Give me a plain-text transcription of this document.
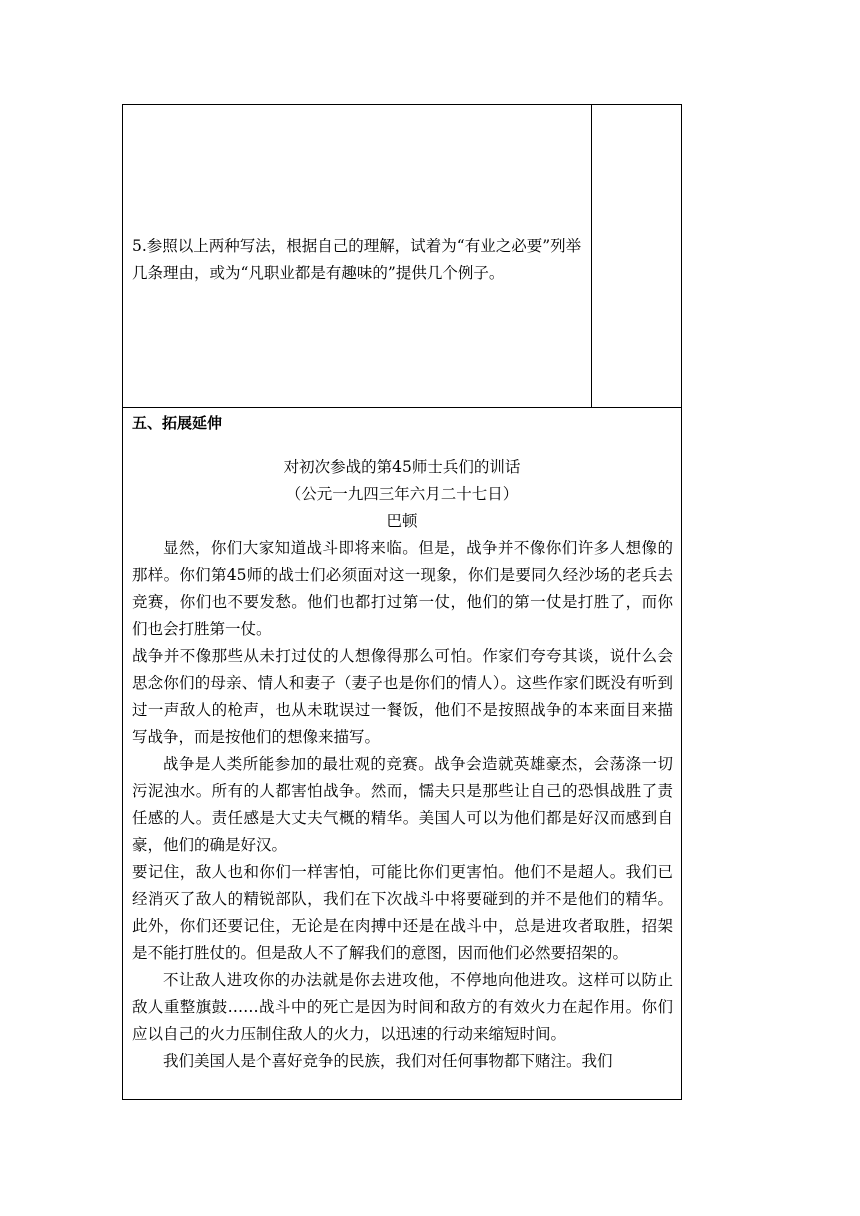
5.参照以上两种写法，根据自己的理解，试着为“有业之必要”列举几条理由，或为“凡职业都是有趣味的”提供几个例子。

五、拓展延伸

对初次参战的第45师士兵们的训话

（公元一九四三年六月二十七日）

巴顿

显然，你们大家知道战斗即将来临。但是，战争并不像你们许多人想像的那样。你们第45师的战士们必须面对这一现象，你们是要同久经沙场的老兵去竞赛，你们也不要发愁。他们也都打过第一仗，他们的第一仗是打胜了，而你们也会打胜第一仗。

战争并不像那些从未打过仗的人想像得那么可怕。作家们夸夸其谈，说什么会思念你们的母亲、情人和妻子（妻子也是你们的情人）。这些作家们既没有听到过一声敌人的枪声，也从未耽误过一餐饭，他们不是按照战争的本来面目来描写战争，而是按他们的想像来描写。

战争是人类所能参加的最壮观的竞赛。战争会造就英雄豪杰，会荡涤一切污泥浊水。所有的人都害怕战争。然而，懦夫只是那些让自己的恐惧战胜了责任感的人。责任感是大丈夫气概的精华。美国人可以为他们都是好汉而感到自豪，他们的确是好汉。

要记住，敌人也和你们一样害怕，可能比你们更害怕。他们不是超人。我们已经消灭了敌人的精锐部队，我们在下次战斗中将要碰到的并不是他们的精华。此外，你们还要记住，无论是在肉搏中还是在战斗中，总是进攻者取胜，招架是不能打胜仗的。但是敌人不了解我们的意图，因而他们必然要招架的。

不让敌人进攻你的办法就是你去进攻他，不停地向他进攻。这样可以防止敌人重整旗鼓……战斗中的死亡是因为时间和敌方的有效火力在起作用。你们应以自己的火力压制住敌人的火力，以迅速的行动来缩短时间。

我们美国人是个喜好竞争的民族，我们对任何事物都下赌注。我们
